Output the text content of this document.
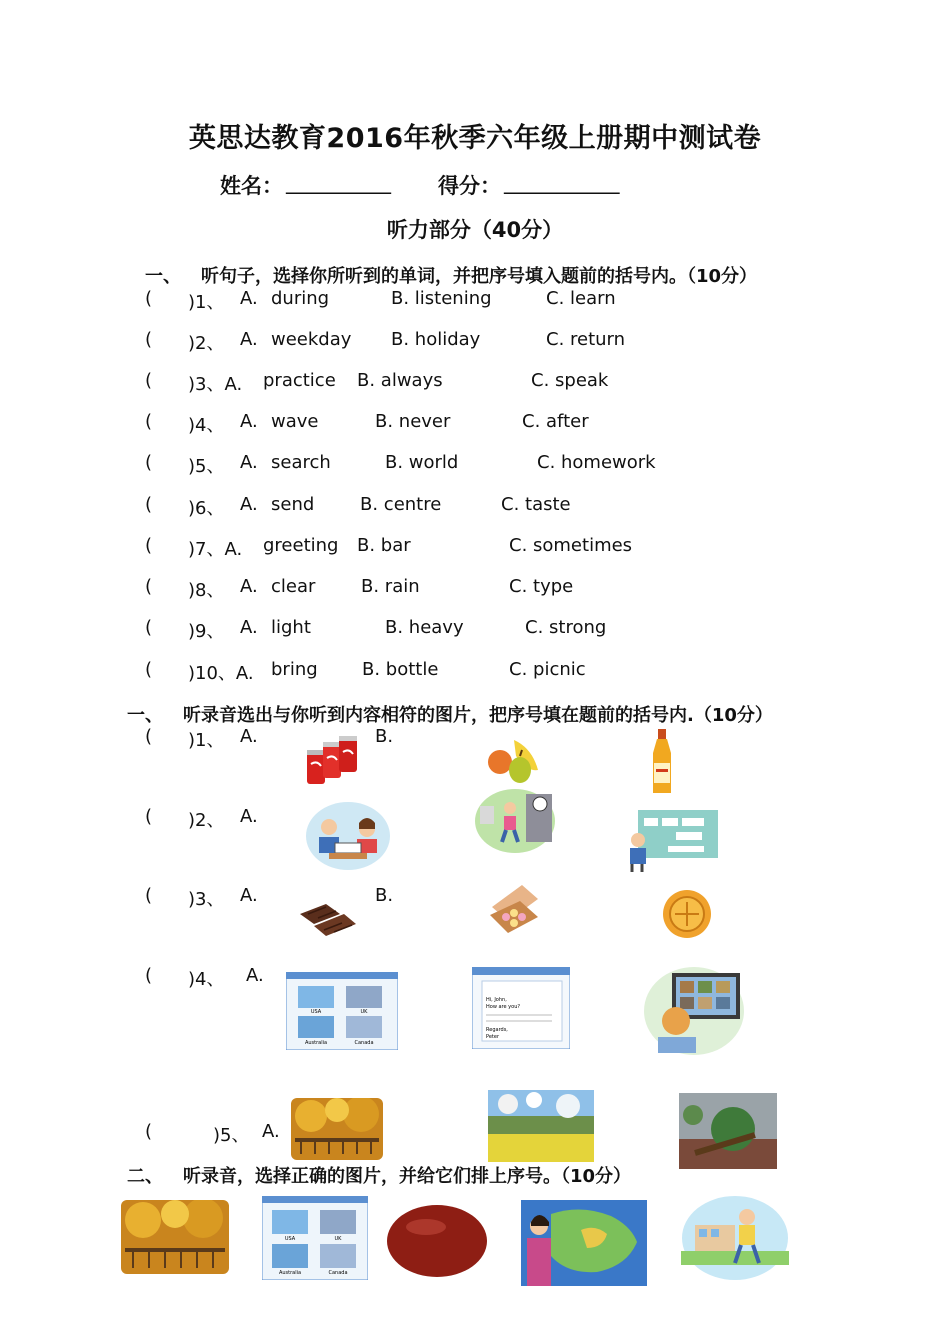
英思达教育2016年秋季六年级上册期中测试卷
姓名： __________ 得分： ___________
听力部分（40分）
一、 听句子，选择你所听到的单词，并把序号填入题前的括号内。（10分）
( )1、 A. during	B. listening	C. learn
( )2、 A. weekday B. holiday	C. return
( )3、A. practice B. always	C. speak
( )4、 A. wave	B. never	C. after
( )5、 A. search	B. world	C. homework
( )6、 A. send	B. centre	C. taste
( )7、A. greeting B. bar	C. sometimes
( )8、 A. clear	B. rain	C. type
( )9、 A. light	B. heavy	C. strong
( )10、A. bring B. bottle	C. picnic
一、 听录音选出与你听到内容相符的图片，把序号填在题前的括号内.（10分）
( )1、 A.	B.
( )2、 A.
( )3、 A.	B.
( )4、 A.
USA	UK
Australia	Canada
Hi, John,
How are you?
Regards,
Peter
(	)5、 A.
二、 听录音，选择正确的图片，并给它们排上序号。（10分）
USA	UK
Australia	Canada
